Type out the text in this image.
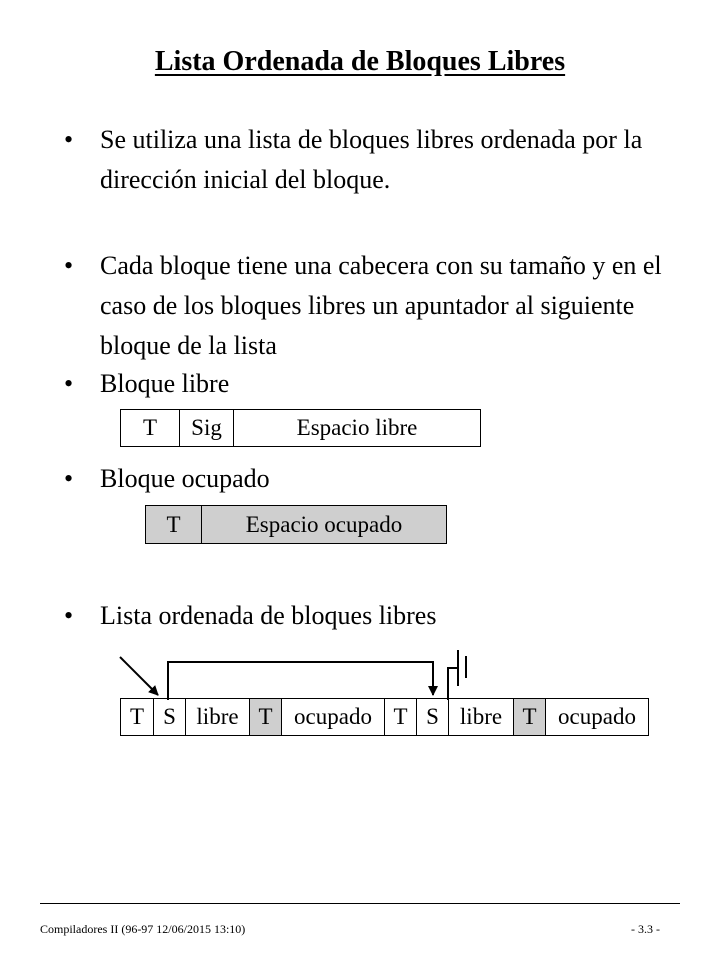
Lista Ordenada de Bloques Libres
• Se utiliza una lista de bloques libres ordenada por la dirección inicial del bloque.
• Cada bloque tiene una cabecera con su tamaño y en el caso de los bloques libres un apuntador al siguiente bloque de la lista
• Bloque libre
T	Sig	Espacio libre
• Bloque ocupado
T	Espacio ocupado
• Lista ordenada de bloques libres
T S libre T ocupado T S libre T ocupado
Compiladores II (96-97 12/06/2015 13:10)	- 3.3 -
